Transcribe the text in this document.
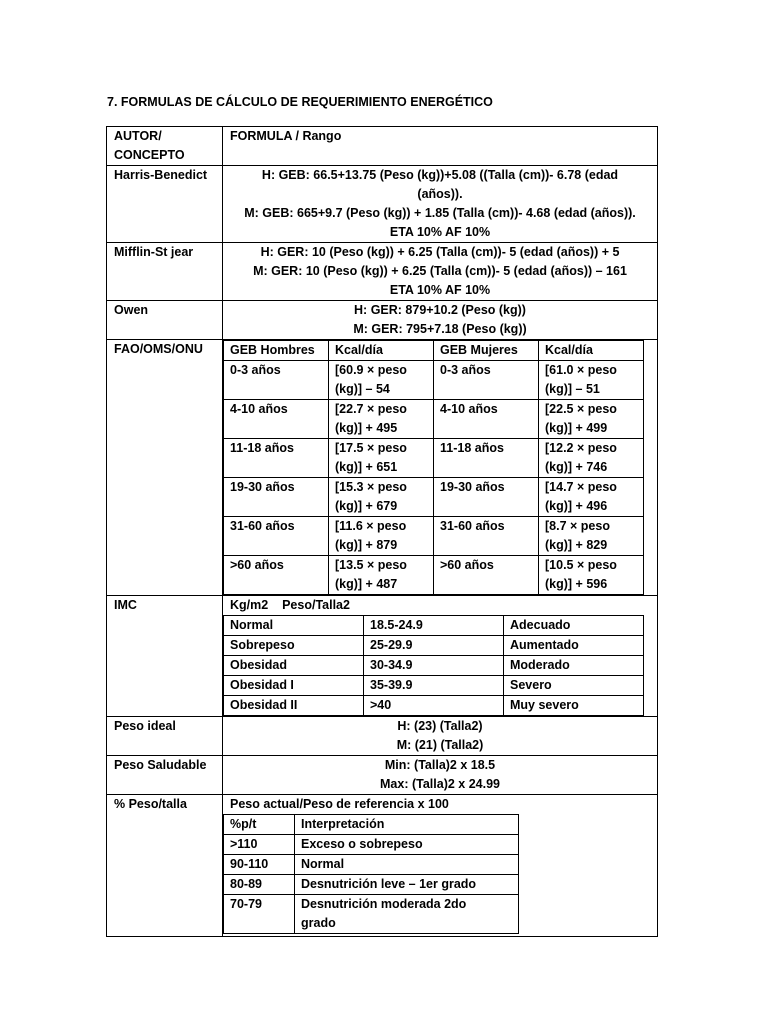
7. FORMULAS DE CÁLCULO DE REQUERIMIENTO ENERGÉTICO
AUTOR/
CONCEPTO
	FORMULA / Rango
Harris-Benedict	H: GEB: 66.5+13.75 (Peso (kg))+5.08 ((Talla (cm))- 6.78 (edad
(años)).
M: GEB: 665+9.7 (Peso (kg)) + 1.85 (Talla (cm))- 4.68 (edad (años)).
ETA 10% AF 10%

Mifflin-St jear	H: GER: 10 (Peso (kg)) + 6.25 (Talla (cm))- 5 (edad (años)) + 5
M: GER: 10 (Peso (kg)) + 6.25 (Talla (cm))- 5 (edad (años)) – 161
ETA 10% AF 10%

Owen	H: GER: 879+10.2 (Peso (kg))
M: GER: 795+7.18 (Peso (kg))

FAO/OMS/ONU	GEB Hombres	Kcal/día	GEB Mujeres	Kcal/día
0-3 años	[60.9 × peso
(kg)] – 54
	0-3 años	[61.0 × peso
(kg)] – 51

4-10 años	[22.7 × peso
(kg)] + 495
	4-10 años	[22.5 × peso
(kg)] + 499

11-18 años	[17.5 × peso
(kg)] + 651
	11-18 años	[12.2 × peso
(kg)] + 746

19-30 años	[15.3 × peso
(kg)] + 679
	19-30 años	[14.7 × peso
(kg)] + 496

31-60 años	[11.6 × peso
(kg)] + 879
	31-60 años	[8.7 × peso
(kg)] + 829

>60 años	[13.5 × peso
(kg)] + 487
	>60 años	[10.5 × peso
(kg)] + 596

IMC	Kg/m2    Peso/Talla2
Normal	18.5-24.9	Adecuado
Sobrepeso	25-29.9	Aumentado
Obesidad	30-34.9	Moderado
Obesidad I	35-39.9	Severo
Obesidad II	>40	Muy severo

Peso ideal	H: (23) (Talla2)
M: (21) (Talla2)

Peso Saludable	Min: (Talla)2 x 18.5
Max: (Talla)2 x 24.99

% Peso/talla	Peso actual/Peso de referencia x 100
%p/t	Interpretación
>110	Exceso o sobrepeso
90-110	Normal
80-89	Desnutrición leve – 1er grado
70-79	Desnutrición moderada 2do
grado
